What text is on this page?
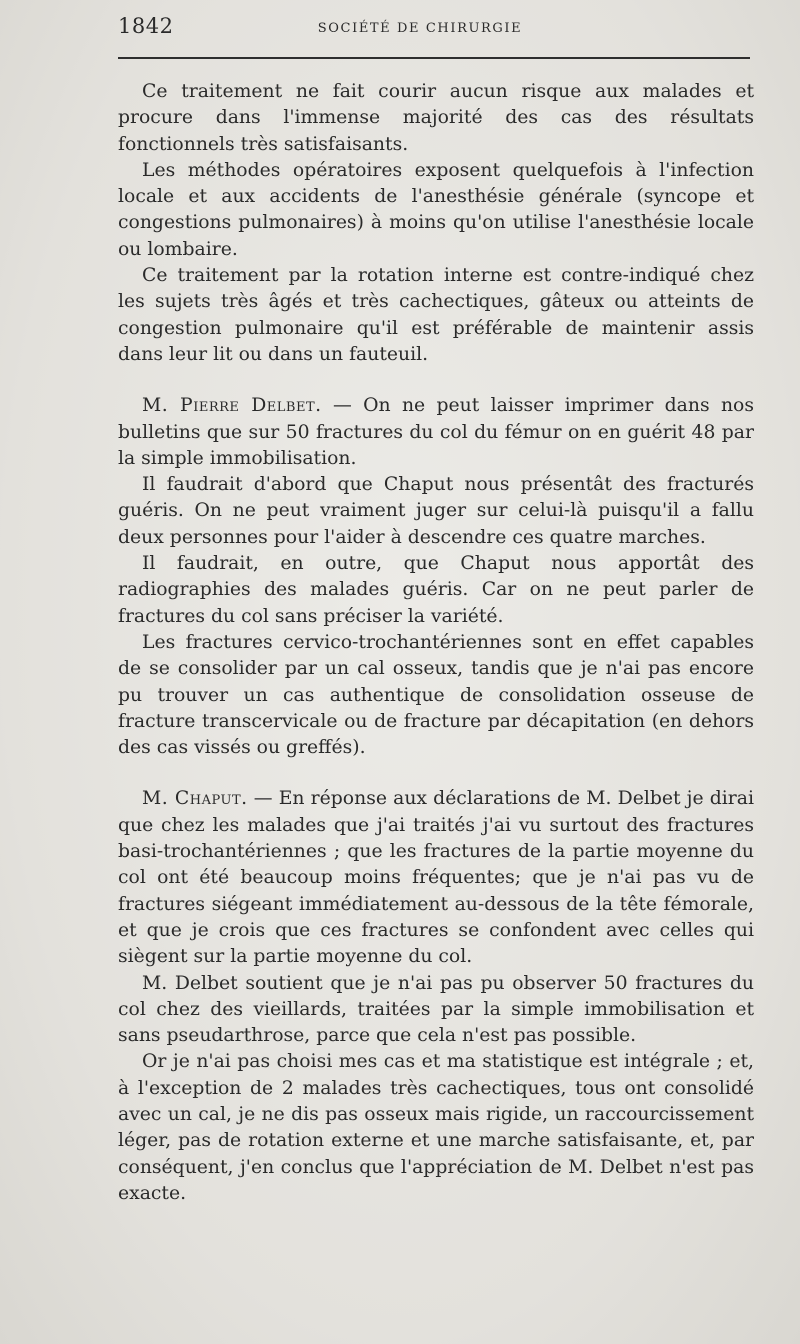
1842	SOCIÉTÉ DE CHIRURGIE

Ce traitement ne fait courir aucun risque aux malades et procure dans l'immense majorité des cas des résultats fonctionnels très satisfaisants.

Les méthodes opératoires exposent quelquefois à l'infection locale et aux accidents de l'anesthésie générale (syncope et congestions pulmonaires) à moins qu'on utilise l'anesthésie locale ou lombaire.

Ce traitement par la rotation interne est contre-indiqué chez les sujets très âgés et très cachectiques, gâteux ou atteints de congestion pulmonaire qu'il est préférable de maintenir assis dans leur lit ou dans un fauteuil.

M. Pierre Delbet. — On ne peut laisser imprimer dans nos bulletins que sur 50 fractures du col du fémur on en guérit 48 par la simple immobilisation.

Il faudrait d'abord que Chaput nous présentât des fracturés guéris. On ne peut vraiment juger sur celui-là puisqu'il a fallu deux personnes pour l'aider à descendre ces quatre marches.

Il faudrait, en outre, que Chaput nous apportât des radiographies des malades guéris. Car on ne peut parler de fractures du col sans préciser la variété.

Les fractures cervico-trochantériennes sont en effet capables de se consolider par un cal osseux, tandis que je n'ai pas encore pu trouver un cas authentique de consolidation osseuse de fracture transcervicale ou de fracture par décapitation (en dehors des cas vissés ou greffés).

M. Chaput. — En réponse aux déclarations de M. Delbet je dirai que chez les malades que j'ai traités j'ai vu surtout des fractures basi-trochantériennes ; que les fractures de la partie moyenne du col ont été beaucoup moins fréquentes; que je n'ai pas vu de fractures siégeant immédiatement au-dessous de la tête fémorale, et que je crois que ces fractures se confondent avec celles qui siègent sur la partie moyenne du col.

M. Delbet soutient que je n'ai pas pu observer 50 fractures du col chez des vieillards, traitées par la simple immobilisation et sans pseudarthrose, parce que cela n'est pas possible.

Or je n'ai pas choisi mes cas et ma statistique est intégrale ; et, à l'exception de 2 malades très cachectiques, tous ont consolidé avec un cal, je ne dis pas osseux mais rigide, un raccourcissement léger, pas de rotation externe et une marche satisfaisante, et, par conséquent, j'en conclus que l'appréciation de M. Delbet n'est pas exacte.
